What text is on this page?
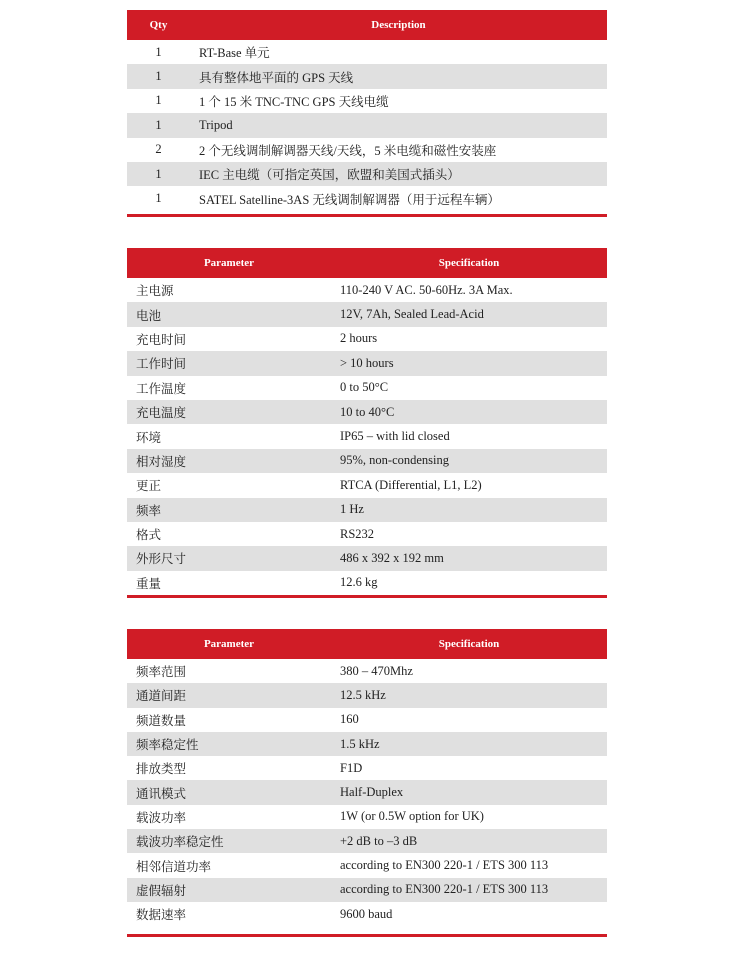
Qty	Description
1	RT-Base 单元
1	具有整体地平面的 GPS 天线
1	1 个 15 米 TNC-TNC GPS 天线电缆
1	Tripod
2	2 个无线调制解调器天线/天线，5 米电缆和磁性安装座
1	IEC 主电缆（可指定英国，欧盟和美国式插头）
1	SATEL Satelline-3AS 无线调制解调器（用于远程车辆）
Parameter	Specification
主电源	110-240 V AC. 50-60Hz. 3A Max.
电池	12V, 7Ah, Sealed Lead-Acid
充电时间	2 hours
工作时间	> 10 hours
工作温度	0 to 50°C
充电温度	10 to 40°C
环境	IP65 – with lid closed
相对湿度	95%, non-condensing
更正	RTCA (Differential, L1, L2)
频率	1 Hz
格式	RS232
外形尺寸	486 x 392 x 192 mm
重量	12.6 kg
Parameter	Specification
频率范围	380 – 470Mhz
通道间距	12.5 kHz
频道数量	160
频率稳定性	1.5 kHz
排放类型	F1D
通讯模式	Half-Duplex
载波功率	1W (or 0.5W option for UK)
载波功率稳定性	+2 dB to –3 dB
相邻信道功率	according to EN300 220-1 / ETS 300 113
虚假辐射	according to EN300 220-1 / ETS 300 113
数据速率	9600 baud
